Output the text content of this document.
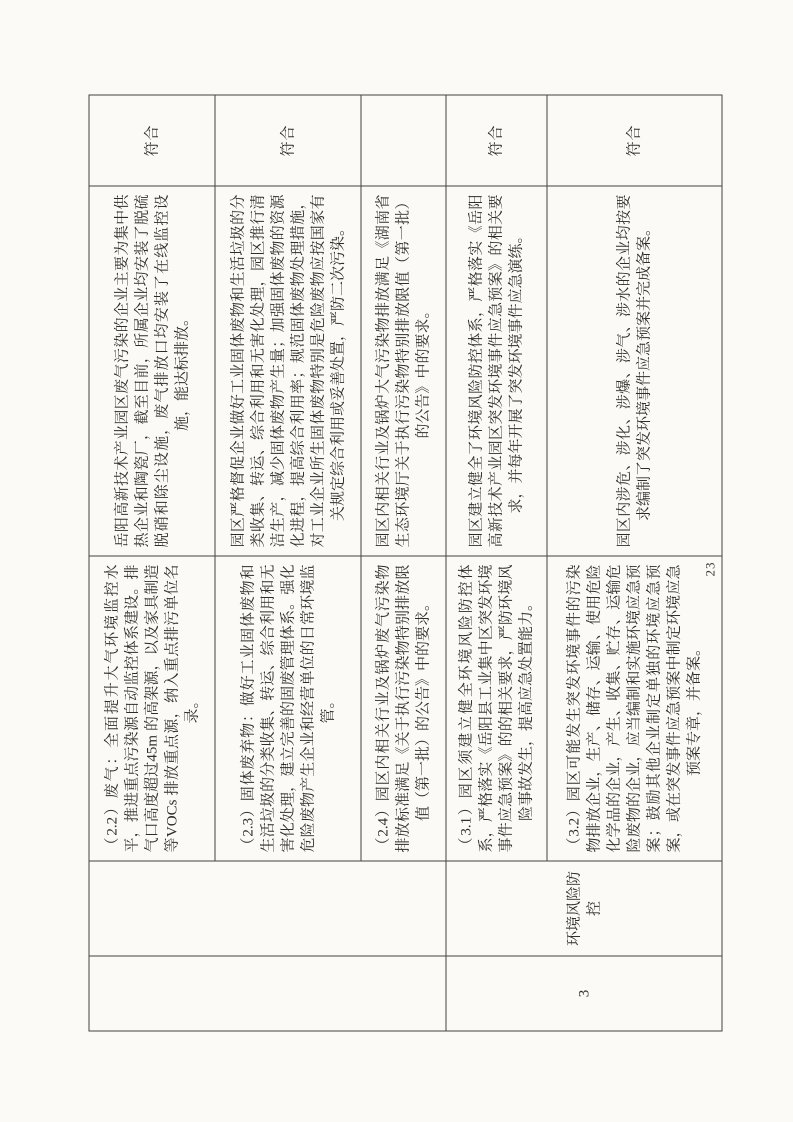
		（2.2）废气：全面提升大气环境监控水平，推进重点污染源自动监控体系建设。排气口高度超过45m 的高架源，以及家具制造等VOCs 排放重点源，纳入重点排污单位名录。	岳阳高新技术产业园区废气污染的企业主要为集中供热企业和陶瓷厂，截至目前，所属企业均安装了脱硫脱硝和除尘设施，废气排放口均安装了在线监控设施，能达标排放。	符合
		（2.3）固体废弃物：做好工业固体废物和生活垃圾的分类收集、转运、综合利用和无害化处理，建立完善的固废管理体系。强化危险废物产生企业和经营单位的日常环境监管。	园区严格督促企业做好工业固体废物和生活垃圾的分类收集、转运、综合利用和无害化处理，园区推行清洁生产，减少固体废物产生量；加强固体废物的资源化进程，提高综合利用率；规范固体废物处理措施，对工业企业所生固体废物特别是危险废物应按国家有关规定综合利用或妥善处置，严防二次污染。	符合
		（2.4）园区内相关行业及锅炉废气污染物排放标准满足《关于执行污染物特别排放限值（第一批）的公告》中的要求。	园区内相关行业及锅炉大气污染物排放满足《湖南省生态环境厅关于执行污染物特别排放限值（第一批）的公告》中的要求。	
3	环境风险防控	（3.1）园区须建立健全环境风险防控体系，严格落实《岳阳县工业集中区突发环境事件应急预案》的的相关要求，严防环境风险事故发生，提高应急处置能力。	园区建立健全了环境风险防控体系，严格落实《岳阳高新技术产业园区突发环境事件应急预案》的相关要求，并每年开展了突发环境事件应急演练。	符合
		（3.2）园区可能发生突发环境事件的污染物排放企业，生产、储存、运输、使用危险化学品的企业，产生、收集、贮存、运输危险废物的企业，应当编制和实施环境应急预案；鼓励其他企业制定单独的环境应急预案，或在突发事件应急预案中制定环境应急预案专章，并备案。	园区内涉危、涉化、涉爆、涉气、涉水的企业均按要求编制了突发环境事件应急预案并完成备案。	符合
23
